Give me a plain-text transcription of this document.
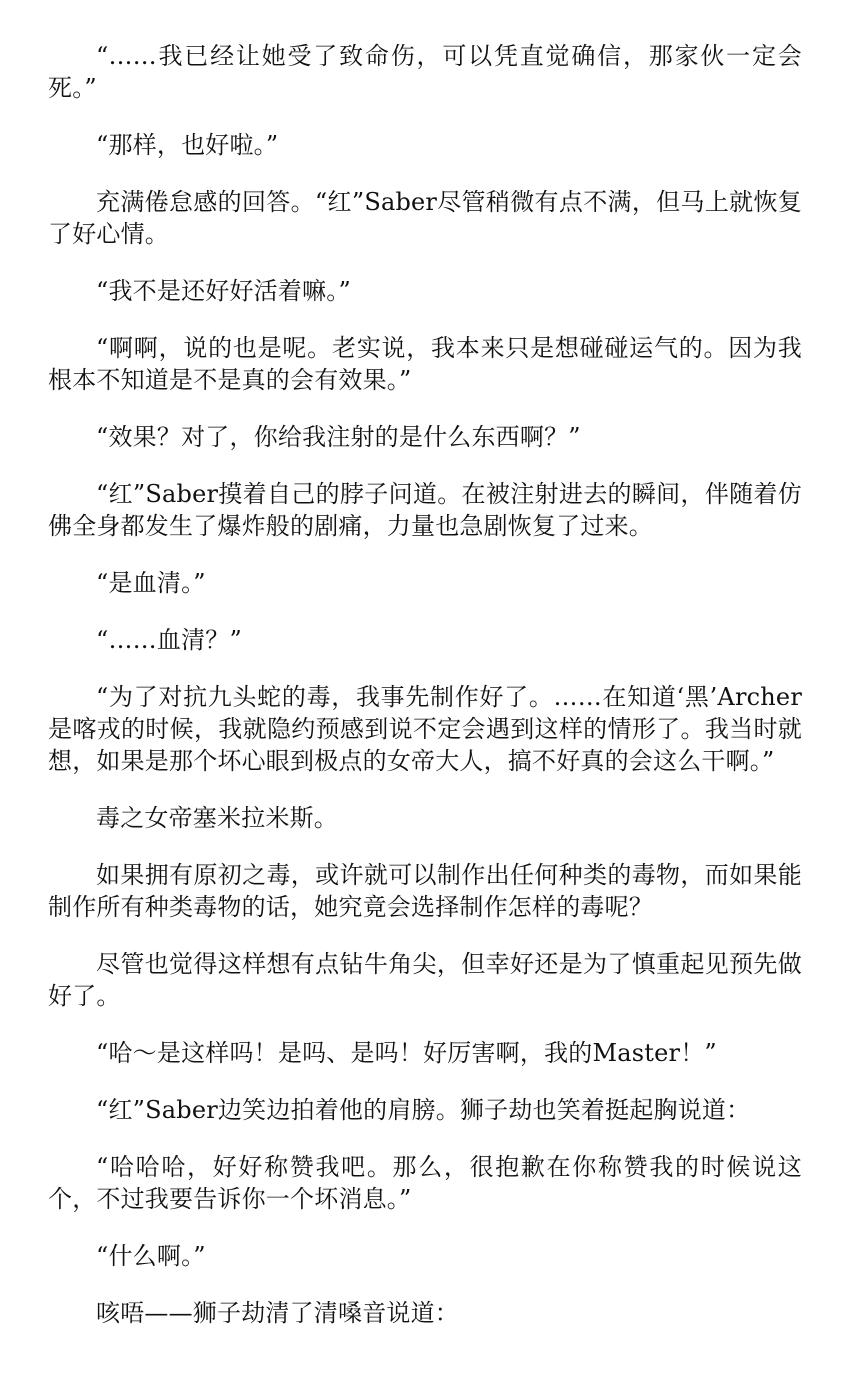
“……我已经让她受了致命伤，可以凭直觉确信，那家伙一定会死。”

“那样，也好啦。”

充满倦怠感的回答。“红”Saber尽管稍微有点不满，但马上就恢复了好心情。

“我不是还好好活着嘛。”

“啊啊，说的也是呢。老实说，我本来只是想碰碰运气的。因为我根本不知道是不是真的会有效果。”

“效果？对了，你给我注射的是什么东西啊？”

“红”Saber摸着自己的脖子问道。在被注射进去的瞬间，伴随着仿佛全身都发生了爆炸般的剧痛，力量也急剧恢复了过来。

“是血清。”

“……血清？”

“为了对抗九头蛇的毒，我事先制作好了。……在知道‘黑’Archer是喀戎的时候，我就隐约预感到说不定会遇到这样的情形了。我当时就想，如果是那个坏心眼到极点的女帝大人，搞不好真的会这么干啊。”

毒之女帝塞米拉米斯。

如果拥有原初之毒，或许就可以制作出任何种类的毒物，而如果能制作所有种类毒物的话，她究竟会选择制作怎样的毒呢？

尽管也觉得这样想有点钻牛角尖，但幸好还是为了慎重起见预先做好了。

“哈～是这样吗！是吗、是吗！好厉害啊，我的Master！”

“红”Saber边笑边拍着他的肩膀。狮子劫也笑着挺起胸说道：

“哈哈哈，好好称赞我吧。那么，很抱歉在你称赞我的时候说这个，不过我要告诉你一个坏消息。”

“什么啊。”

咳唔——狮子劫清了清嗓音说道：
